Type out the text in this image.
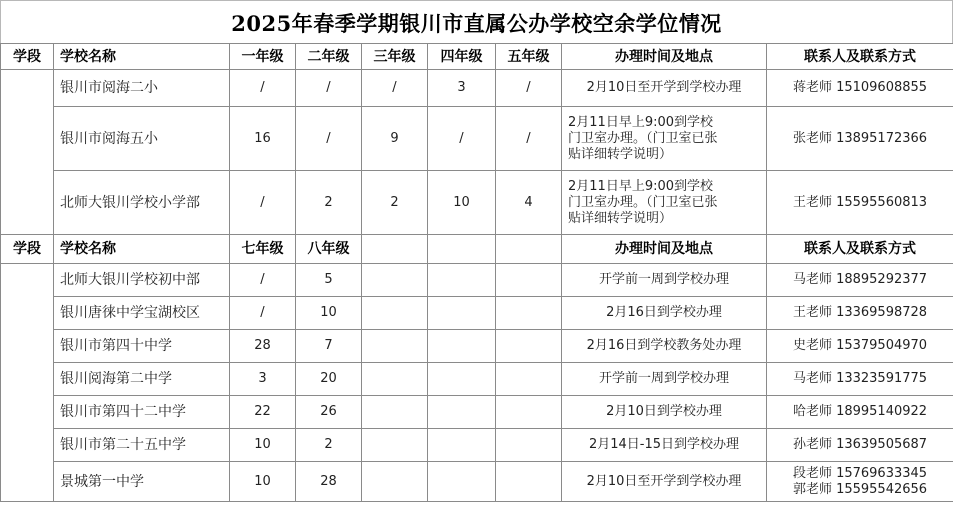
2025年春季学期银川市直属公办学校空余学位情况
学段	学校名称	一年级	二年级	三年级	四年级	五年级	办理时间及地点	联系人及联系方式
	银川市阅海二小	/	/	/	3	/	2月10日至开学到学校办理	蒋老师 15109608855

	银川市阅海五小	16	/	9	/	/	2月11日早上9:00到学校
门卫室办理。（门卫室已张
贴详细转学说明）	张老师 13895172366

	北师大银川学校小学部	/	2	2	10	4	2月11日早上9:00到学校
门卫室办理。（门卫室已张
贴详细转学说明）	王老师 15595560813

学段	学校名称	七年级	八年级				办理时间及地点	联系人及联系方式
	北师大银川学校初中部	/	5				开学前一周到学校办理	马老师 18895292377

	银川唐徕中学宝湖校区	/	10				2月16日到学校办理	王老师 13369598728

	银川市第四十中学	28	7				2月16日到学校教务处办理	史老师 15379504970

	银川阅海第二中学	3	20				开学前一周到学校办理	马老师 13323591775

	银川市第四十二中学	22	26				2月10日到学校办理	哈老师 18995140922

	银川市第二十五中学	10	2				2月14日-15日到学校办理	孙老师 13639505687

	景城第一中学	10	28				2月10日至开学到学校办理	段老师 15769633345
郭老师 15595542656
